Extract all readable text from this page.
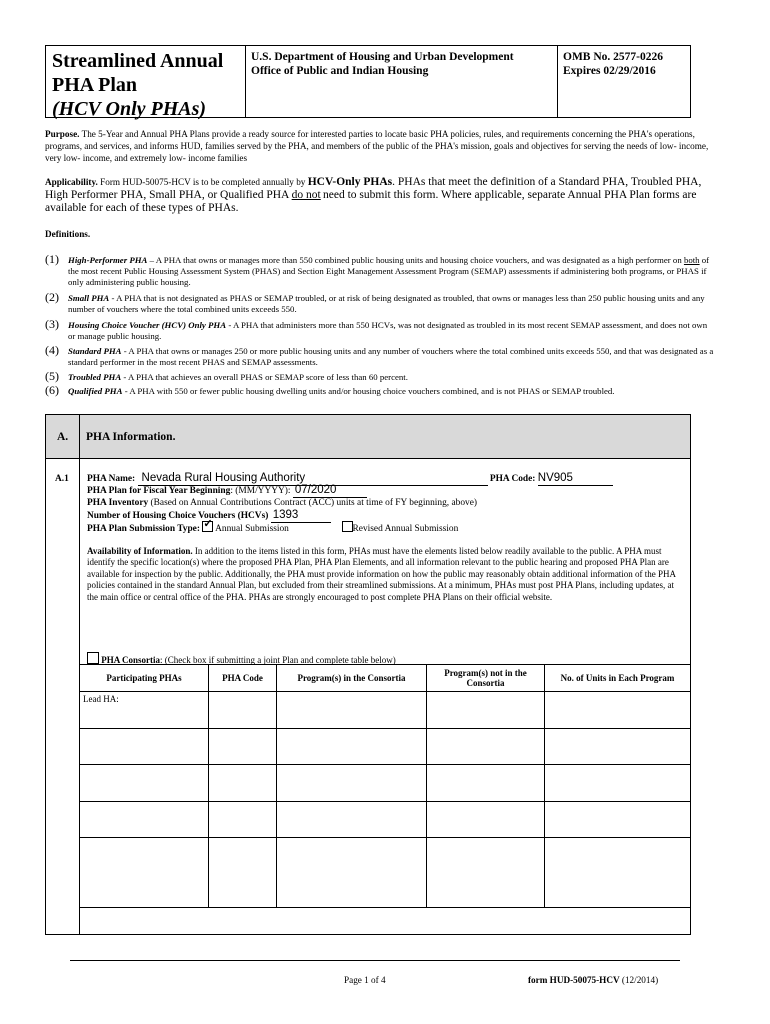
Streamlined Annual
PHA Plan
(HCV Only PHAs)
U.S. Department of Housing and Urban Development
Office of Public and Indian Housing
OMB No. 2577-0226
Expires 02/29/2016
Purpose. The 5-Year and Annual PHA Plans provide a ready source for interested parties to locate basic PHA policies, rules, and requirements concerning the PHA's operations, programs, and services, and informs HUD, families served by the PHA, and members of the public of the PHA's mission, goals and objectives for serving the needs of low- income, very low- income, and extremely low- income families
Applicability. Form HUD-50075-HCV is to be completed annually by HCV-Only PHAs. PHAs that meet the definition of a Standard PHA, Troubled PHA, High Performer PHA, Small PHA, or Qualified PHA do not need to submit this form. Where applicable, separate Annual PHA Plan forms are available for each of these types of PHAs.
Definitions.
(1) High-Performer PHA – A PHA that owns or manages more than 550 combined public housing units and housing choice vouchers, and was designated as a high performer on both of the most recent Public Housing Assessment System (PHAS) and Section Eight Management Assessment Program (SEMAP) assessments if administering both programs, or PHAS if only administering public housing.
(2) Small PHA - A PHA that is not designated as PHAS or SEMAP troubled, or at risk of being designated as troubled, that owns or manages less than 250 public housing units and any number of vouchers where the total combined units exceeds 550.
(3) Housing Choice Voucher (HCV) Only PHA - A PHA that administers more than 550 HCVs, was not designated as troubled in its most recent SEMAP assessment, and does not own or manage public housing.
(4) Standard PHA - A PHA that owns or manages 250 or more public housing units and any number of vouchers where the total combined units exceeds 550, and that was designated as a standard performer in the most recent PHAS and SEMAP assessments.
(5) Troubled PHA - A PHA that achieves an overall PHAS or SEMAP score of less than 60 percent.
(6) Qualified PHA - A PHA with 550 or fewer public housing dwelling units and/or housing choice vouchers combined, and is not PHAS or SEMAP troubled.
A. PHA Information.
A.1 PHA Name: Nevada Rural Housing Authority	PHA Code: NV905
PHA Plan for Fiscal Year Beginning: (MM/YYYY): 07/2020
PHA Inventory (Based on Annual Contributions Contract (ACC) units at time of FY beginning, above)
Number of Housing Choice Vouchers (HCVs) 1393
PHA Plan Submission Type: ✓ Annual Submission	Revised Annual Submission
Availability of Information. In addition to the items listed in this form, PHAs must have the elements listed below readily available to the public. A PHA must identify the specific location(s) where the proposed PHA Plan, PHA Plan Elements, and all information relevant to the public hearing and proposed PHA Plan are available for inspection by the public. Additionally, the PHA must provide information on how the public may reasonably obtain additional information of the PHA policies contained in the standard Annual Plan, but excluded from their streamlined submissions. At a minimum, PHAs must post PHA Plans, including updates, at the main office or central office of the PHA. PHAs are strongly encouraged to post complete PHA Plans on their official website.
PHA Consortia: (Check box if submitting a joint Plan and complete table below)
Participating PHAs	PHA Code	Program(s) in the Consortia	Program(s) not in the Consortia	No. of Units in Each Program
Lead HA:				

Page 1 of 4	form HUD-50075-HCV (12/2014)
